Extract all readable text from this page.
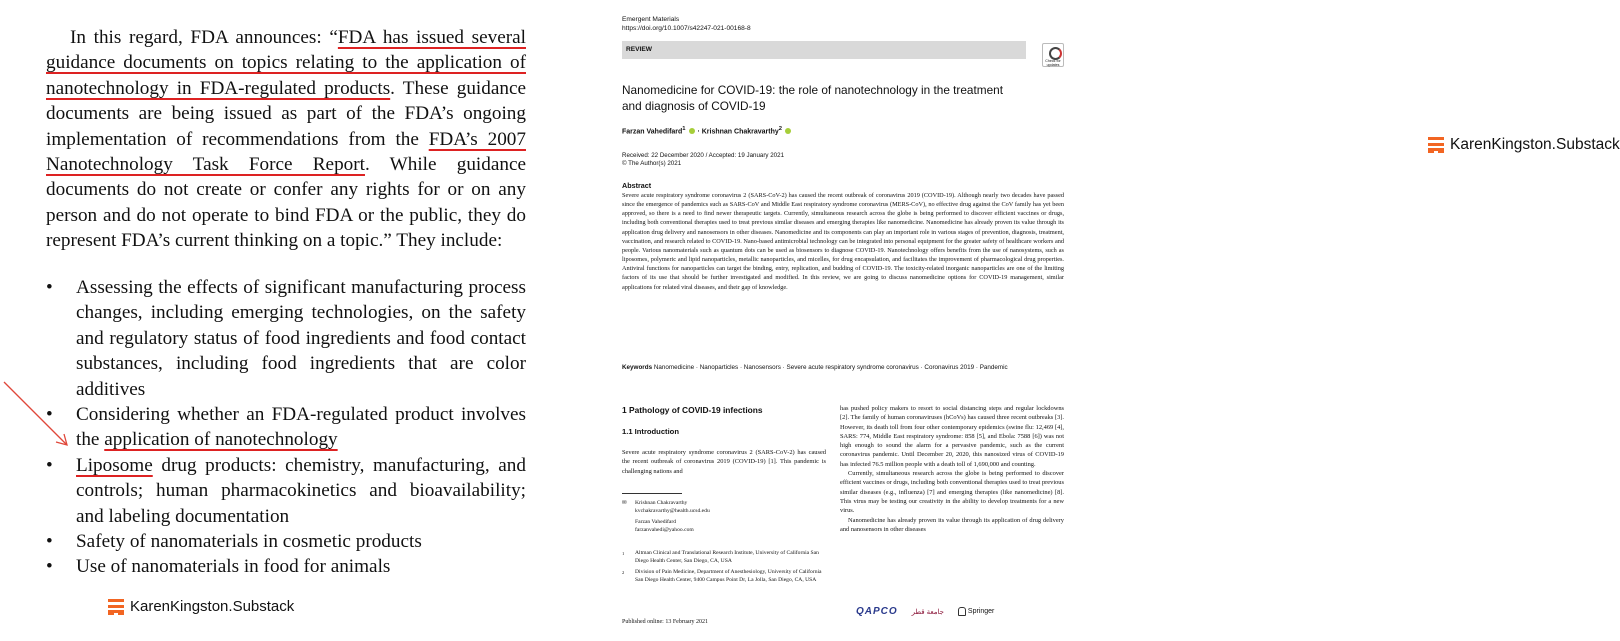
In this regard, FDA announces: “FDA has issued several guidance documents on topics relating to the application of nanotechnology in FDA-regulated products. These guidance documents are being issued as part of the FDA’s ongoing implementation of recommendations from the FDA’s 2007 Nanotechnology Task Force Report. While guidance documents do not create or confer any rights for or on any person and do not operate to bind FDA or the public, they do represent FDA’s current thinking on a topic.” They include:

• Assessing the effects of significant manufacturing process changes, including emerging technologies, on the safety and regulatory status of food ingredients and food contact substances, including food ingredients that are color additives
• Considering whether an FDA-regulated product involves the application of nanotechnology
• Liposome drug products: chemistry, manufacturing, and controls; human pharmacokinetics and bioavailability; and labeling documentation
• Safety of nanomaterials in cosmetic products
• Use of nanomaterials in food for animals
KarenKingston.Substack
Emergent Materials
https://doi.org/10.1007/s42247-021-00168-8
REVIEW
Check for updates
Nanomedicine for COVID-19: the role of nanotechnology in the treatment and diagnosis of COVID-19
Farzan Vahedifard$^1$  · Krishnan Chakravarthy$^2$
KarenKingston.Substack
Received: 22 December 2020 / Accepted: 19 January 2021
© The Author(s) 2021
Abstract

Severe acute respiratory syndrome coronavirus 2 (SARS-CoV-2) has caused the recent outbreak of coronavirus 2019 (COVID-19). Although nearly two decades have passed since the emergence of pandemics such as SARS-CoV and Middle East respiratory syndrome coronavirus (MERS-CoV), no effective drug against the CoV family has yet been approved, so there is a need to find newer therapeutic targets. Currently, simultaneous research across the globe is being performed to discover efficient vaccines or drugs, including both conventional therapies used to treat previous similar diseases and emerging therapies like nanomedicine. Nanomedicine has already proven its value through its application drug delivery and nanosensors in other diseases. Nanomedicine and its components can play an important role in various stages of prevention, diagnosis, treatment, vaccination, and research related to COVID-19. Nano-based antimicrobial technology can be integrated into personal equipment for the greater safety of healthcare workers and people. Various nanomaterials such as quantum dots can be used as biosensors to diagnose COVID-19. Nanotechnology offers benefits from the use of nanosystems, such as liposomes, polymeric and lipid nanoparticles, metallic nanoparticles, and micelles, for drug encapsulation, and facilitates the improvement of pharmacological drug properties. Antiviral functions for nanoparticles can target the binding, entry, replication, and budding of COVID-19. The toxicity-related inorganic nanoparticles are one of the limiting factors of its use that should be further investigated and modified. In this review, we are going to discuss nanomedicine options for COVID-19 management, similar applications for related viral diseases, and their gap of knowledge.

Keywords Nanomedicine · Nanoparticles · Nanosensors · Severe acute respiratory syndrome coronavirus · Coronavirus 2019 · Pandemic
1 Pathology of COVID-19 infections
1.1 Introduction

Severe acute respiratory syndrome coronavirus 2 (SARS-CoV-2) has caused the recent outbreak of coronavirus 2019 (COVID-19) [1]. This pandemic is challenging nations and

✉	Krishnan Chakravarthy
kvchakravarthy@health.ucsd.edu
Farzan Vahedifard
farzanvahedi@yahoo.com
1	Altman Clinical and Translational Research Institute, University of California San Diego Health Center, San Diego, CA, USA
2	Division of Pain Medicine, Department of Anesthesiology, University of California San Diego Health Center, 9400 Campus Point Dr, La Jolla, San Diego, CA, USA

has pushed policy makers to resort to social distancing steps and regular lockdowns [2]. The family of human coronaviruses (hCoVs) has caused three recent outbreaks [3]. However, its death toll from four other contemporary epidemics (swine flu: 12,469 [4], SARS: 774, Middle East respiratory syndrome: 858 [5], and Ebola: 7588 [6]) was not high enough to sound the alarm for a pervasive pandemic, such as the current coronavirus pandemic. Until December 20, 2020, this nanosized virus of COVID-19 has infected 76.5 million people with a death toll of 1,690,000 and counting.

Currently, simultaneous research across the globe is being performed to discover efficient vaccines or drugs, including both conventional therapies used to treat previous similar diseases (e.g., influenza) [7] and emerging therapies (like nanomedicine) [8]. This virus may be testing our creativity in the ability to develop treatments for a new virus.

Nanomedicine has already proven its value through its application of drug delivery and nanosensors in other diseases

Published online: 13 February 2021
QAPCO جامعة قطر	Springer
